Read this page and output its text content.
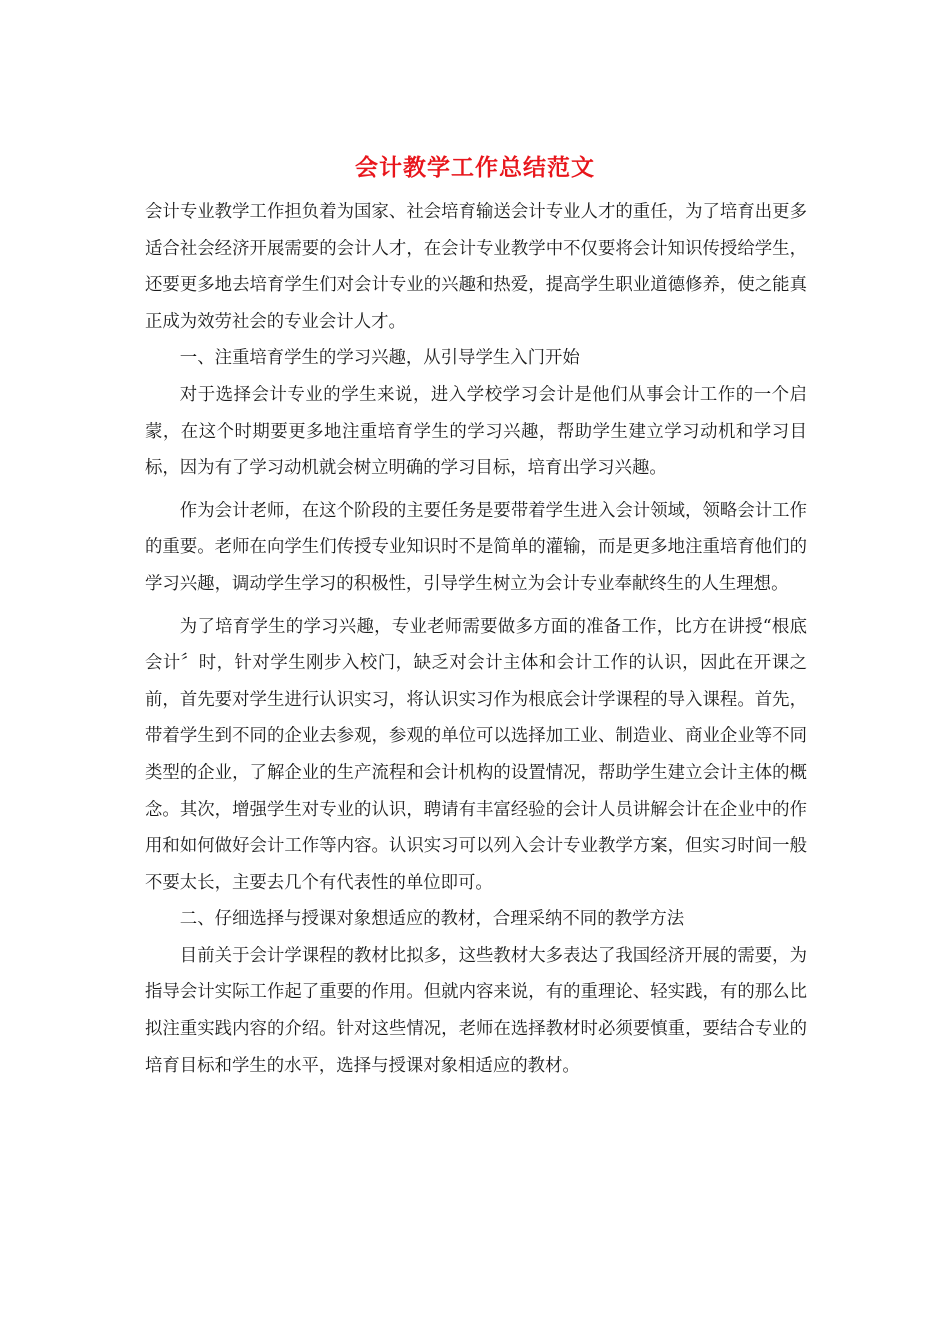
会计教学工作总结范文

会计专业教学工作担负着为国家、社会培育输送会计专业人才的重任，为了培育出更多适合社会经济开展需要的会计人才，在会计专业教学中不仅要将会计知识传授给学生，还要更多地去培育学生们对会计专业的兴趣和热爱，提高学生职业道德修养，使之能真正成为效劳社会的专业会计人才。

一、注重培育学生的学习兴趣，从引导学生入门开始

对于选择会计专业的学生来说，进入学校学习会计是他们从事会计工作的一个启蒙，在这个时期要更多地注重培育学生的学习兴趣，帮助学生建立学习动机和学习目标，因为有了学习动机就会树立明确的学习目标，培育出学习兴趣。

作为会计老师，在这个阶段的主要任务是要带着学生进入会计领域，领略会计工作的重要。老师在向学生们传授专业知识时不是简单的灌输，而是更多地注重培育他们的学习兴趣，调动学生学习的积极性，引导学生树立为会计专业奉献终生的人生理想。

为了培育学生的学习兴趣，专业老师需要做多方面的准备工作，比方在讲授“根底会计〞时，针对学生刚步入校门，缺乏对会计主体和会计工作的认识，因此在开课之前，首先要对学生进行认识实习，将认识实习作为根底会计学课程的导入课程。首先，带着学生到不同的企业去参观，参观的单位可以选择加工业、制造业、商业企业等不同类型的企业，了解企业的生产流程和会计机构的设置情况，帮助学生建立会计主体的概念。其次，增强学生对专业的认识，聘请有丰富经验的会计人员讲解会计在企业中的作用和如何做好会计工作等内容。认识实习可以列入会计专业教学方案，但实习时间一般不要太长，主要去几个有代表性的单位即可。

二、仔细选择与授课对象想适应的教材，合理采纳不同的教学方法

目前关于会计学课程的教材比拟多，这些教材大多表达了我国经济开展的需要，为指导会计实际工作起了重要的作用。但就内容来说，有的重理论、轻实践，有的那么比拟注重实践内容的介绍。针对这些情况，老师在选择教材时必须要慎重，要结合专业的培育目标和学生的水平，选择与授课对象相适应的教材。
